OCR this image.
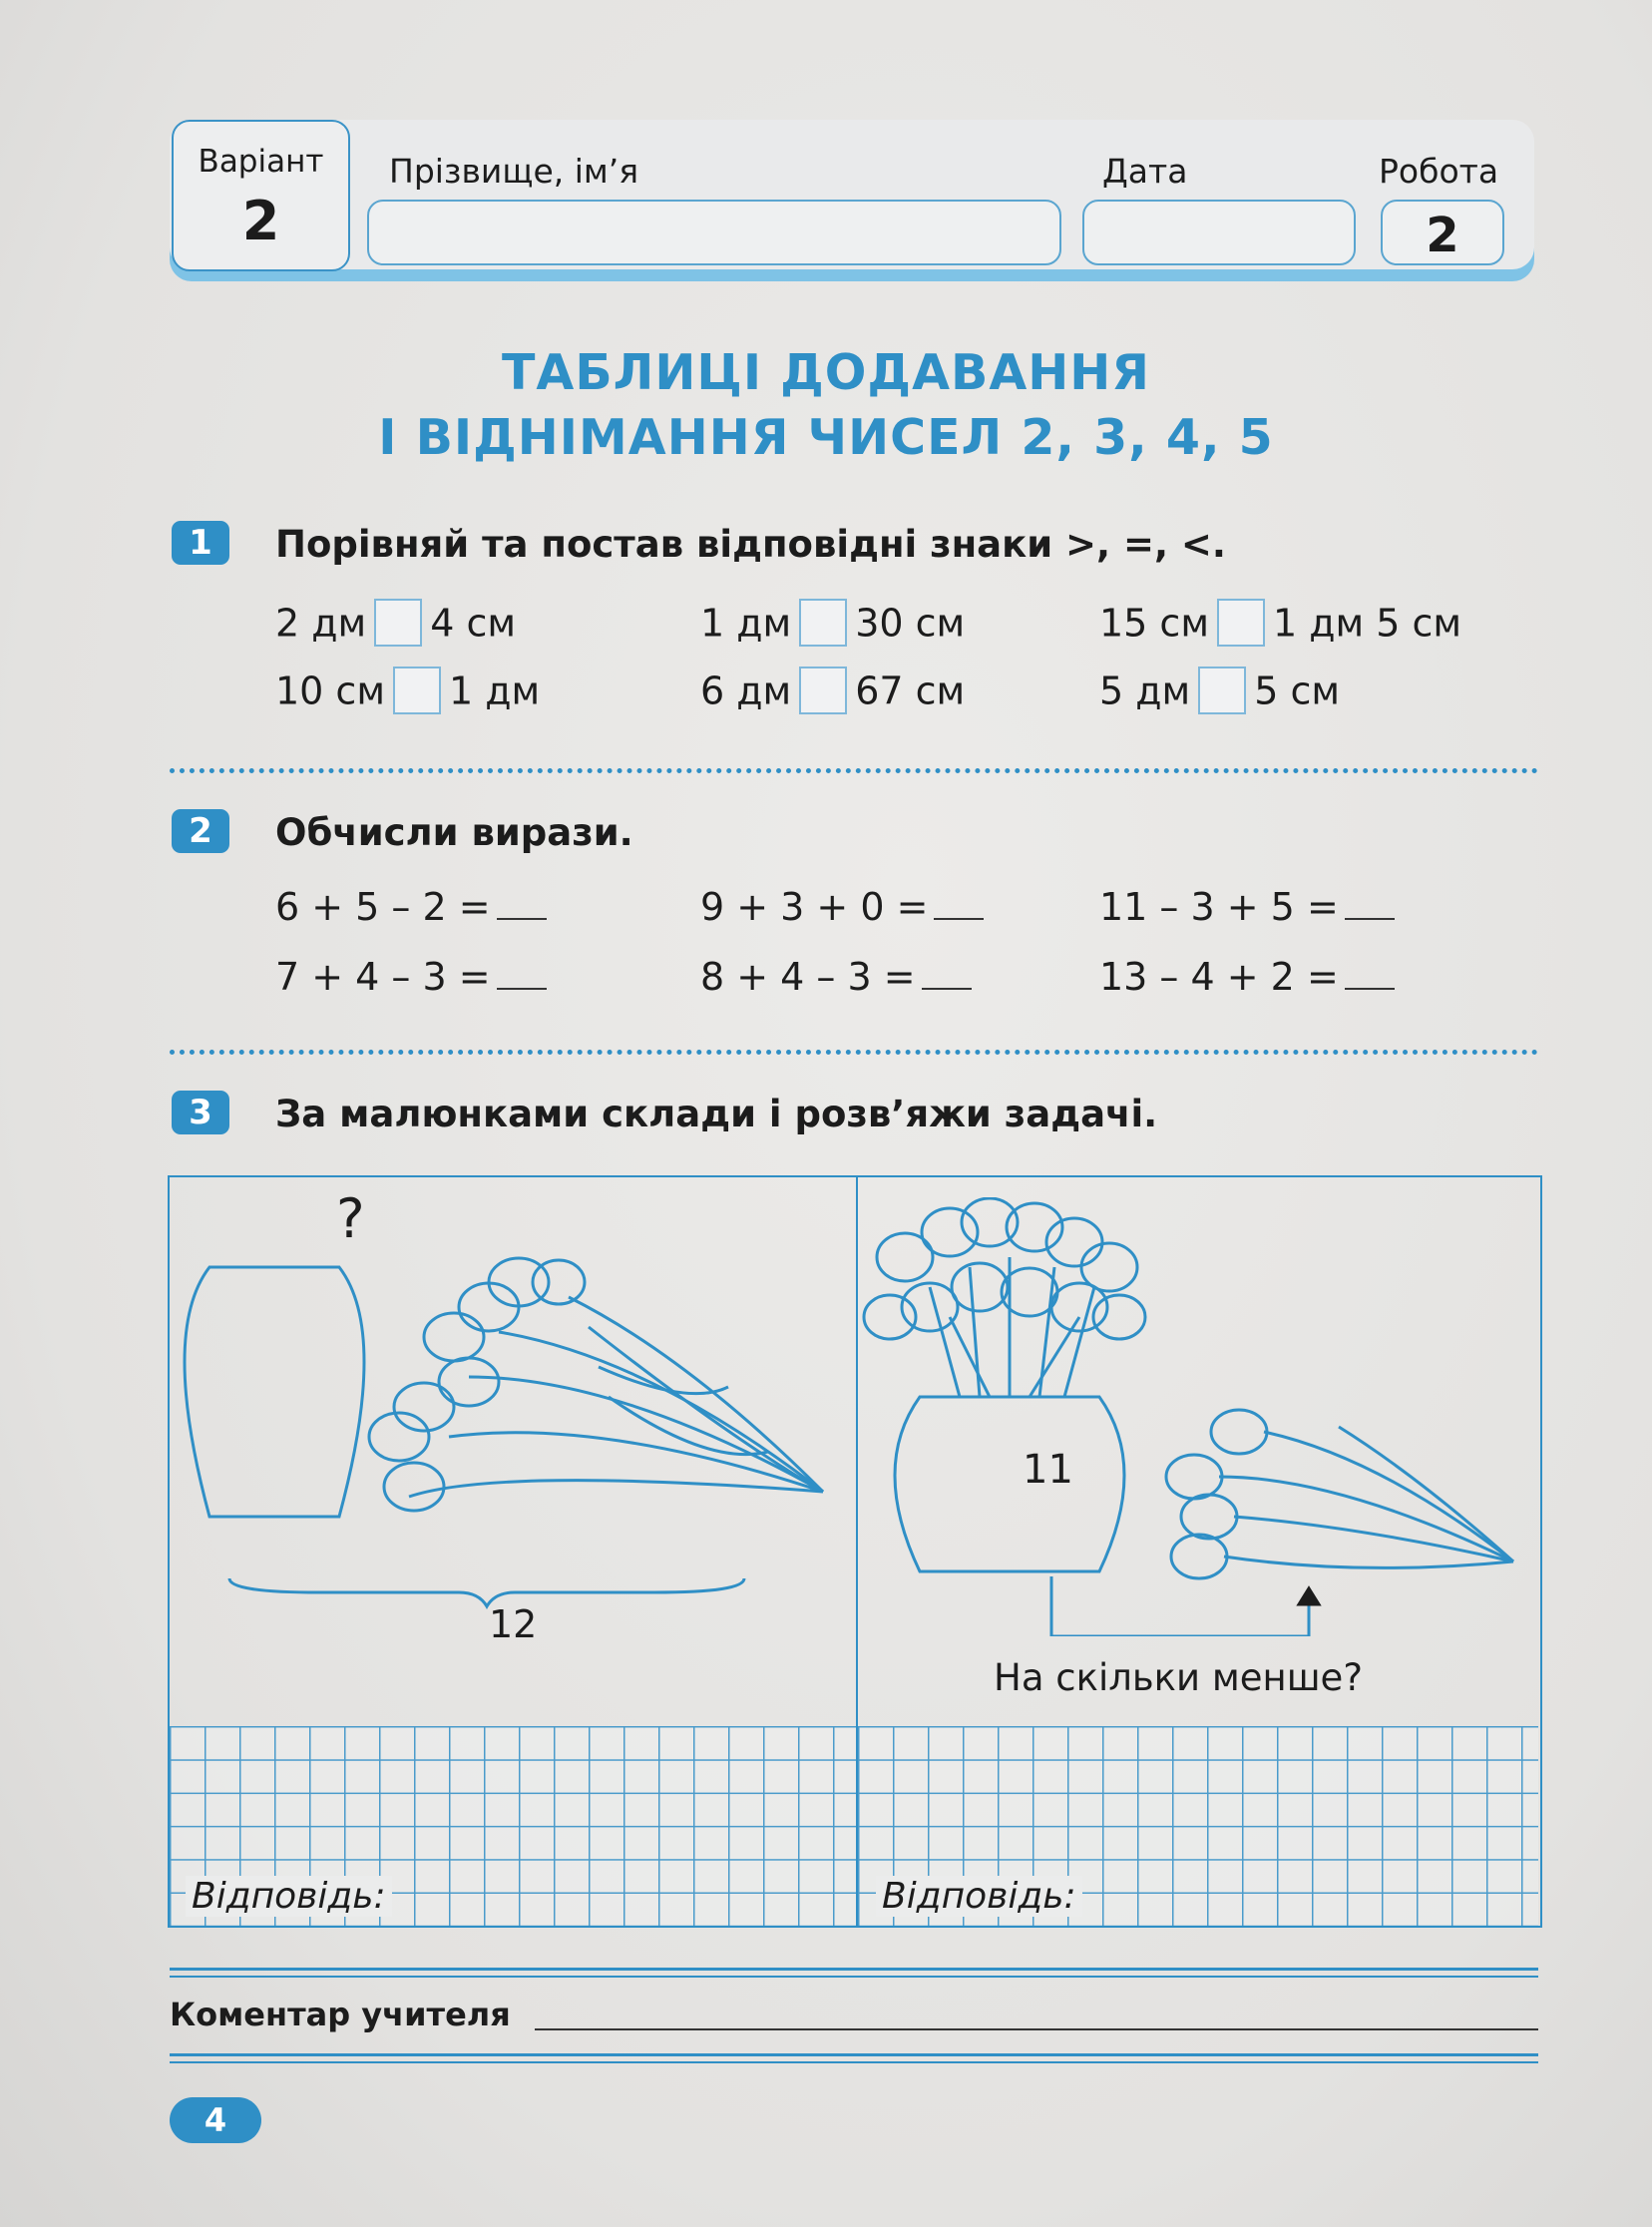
Варіант
2
Прізвище, ім’я	Дата	Робота
2
ТАБЛИЦІ ДОДАВАННЯ
І ВІДНІМАННЯ ЧИСЕЛ 2, 3, 4, 5
1	Порівняй та постав відповідні знаки >, =, <.
2 дм 4 см	1 дм 30 см	15 см 1 дм 5 см
10 см 1 дм	6 дм 67 см	5 дм 5 см
2	Обчисли вирази.
6 + 5 – 2 =	9 + 3 + 0 =	11 – 3 + 5 =
7 + 4 – 3 =	8 + 4 – 3 =	13 – 4 + 2 =
3	За малюнками склади і розв’яжи задачі.
?
12
11
На скільки менше?
Відповідь:	Відповідь:
Коментар учителя
4
